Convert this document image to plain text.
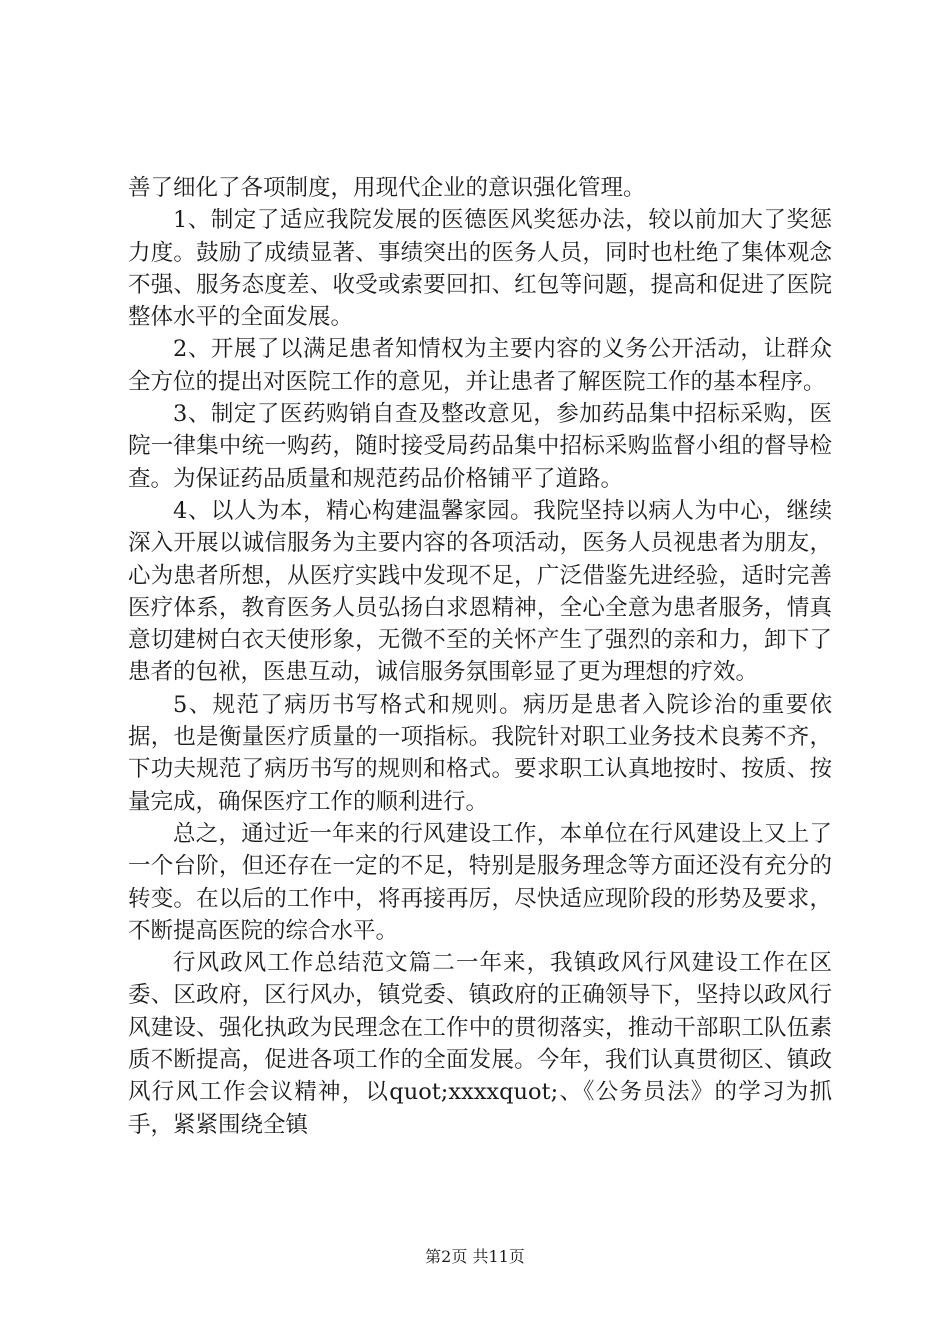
善了细化了各项制度，用现代企业的意识强化管理。

1、制定了适应我院发展的医德医风奖惩办法，较以前加大了奖惩力度。鼓励了成绩显著、事绩突出的医务人员，同时也杜绝了集体观念不强、服务态度差、收受或索要回扣、红包等问题，提高和促进了医院整体水平的全面发展。

2、开展了以满足患者知情权为主要内容的义务公开活动，让群众全方位的提出对医院工作的意见，并让患者了解医院工作的基本程序。

3、制定了医药购销自查及整改意见，参加药品集中招标采购，医院一律集中统一购药，随时接受局药品集中招标采购监督小组的督导检查。为保证药品质量和规范药品价格铺平了道路。

4、以人为本，精心构建温馨家园。我院坚持以病人为中心，继续深入开展以诚信服务为主要内容的各项活动，医务人员视患者为朋友，心为患者所想，从医疗实践中发现不足，广泛借鉴先进经验，适时完善医疗体系，教育医务人员弘扬白求恩精神，全心全意为患者服务，情真意切建树白衣天使形象，无微不至的关怀产生了强烈的亲和力，卸下了患者的包袱，医患互动，诚信服务氛围彰显了更为理想的疗效。

5、规范了病历书写格式和规则。病历是患者入院诊治的重要依据，也是衡量医疗质量的一项指标。我院针对职工业务技术良莠不齐，下功夫规范了病历书写的规则和格式。要求职工认真地按时、按质、按量完成，确保医疗工作的顺利进行。

总之，通过近一年来的行风建设工作，本单位在行风建设上又上了一个台阶，但还存在一定的不足，特别是服务理念等方面还没有充分的转变。在以后的工作中，将再接再厉，尽快适应现阶段的形势及要求，不断提高医院的综合水平。

行风政风工作总结范文篇二一年来，我镇政风行风建设工作在区委、区政府，区行风办，镇党委、镇政府的正确领导下，坚持以政风行风建设、强化执政为民理念在工作中的贯彻落实，推动干部职工队伍素质不断提高，促进各项工作的全面发展。今年，我们认真贯彻区、镇政风行风工作会议精神，以quot;xxxxquot;、《公务员法》的学习为抓手，紧紧围绕全镇

第2页 共11页
